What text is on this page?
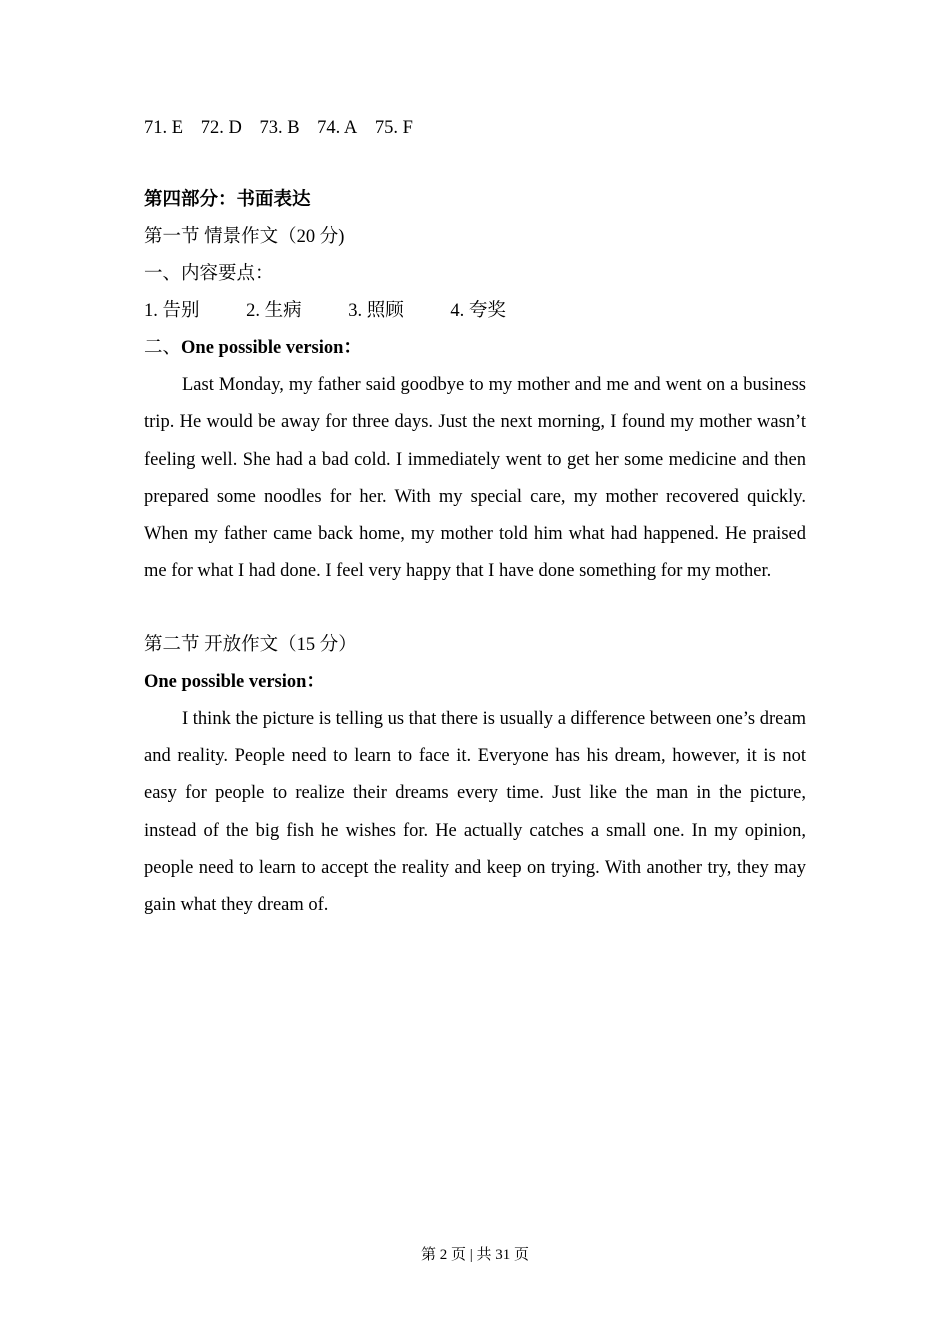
71. E 72. D 73. B 74. A 75. F
第四部分：书面表达
第一节 情景作文（20 分)
一、内容要点：
1. 告别	2. 生病	3. 照顾	4. 夸奖
二、One possible version：

Last Monday, my father said goodbye to my mother and me and went on a business trip. He would be away for three days. Just the next morning, I found my mother wasn’t feeling well. She had a bad cold. I immediately went to get her some medicine and then prepared some noodles for her. With my special care, my mother recovered quickly. When my father came back home, my mother told him what had happened. He praised me for what I had done. I feel very happy that I have done something for my mother.

第二节 开放作文（15 分）
One possible version：

I think the picture is telling us that there is usually a difference between one’s dream and reality. People need to learn to face it. Everyone has his dream, however, it is not easy for people to realize their dreams every time. Just like the man in the picture, instead of the big fish he wishes for. He actually catches a small one. In my opinion, people need to learn to accept the reality and keep on trying. With another try, they may gain what they dream of.

第 2 页 | 共 31 页
